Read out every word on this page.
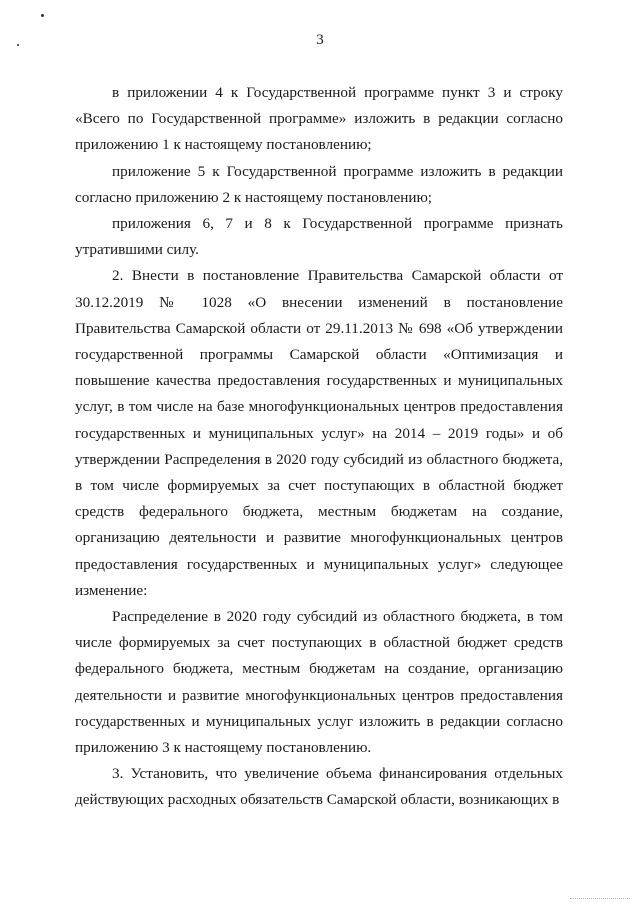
3

в приложении 4 к Государственной программе пункт 3 и строку «Всего по Государственной программе» изложить в редакции согласно приложению 1 к настоящему постановлению;

приложение 5 к Государственной программе изложить в редакции согласно приложению 2 к настоящему постановлению;

приложения 6, 7 и 8 к Государственной программе признать утратившими силу.

2. Внести в постановление Правительства Самарской области от 30.12.2019 № 1028 «О внесении изменений в постановление Правительства Самарской области от 29.11.2013 № 698 «Об утверждении государственной программы Самарской области «Оптимизация и повышение качества предоставления государственных и муниципальных услуг, в том числе на базе многофункциональных центров предоставления государственных и муниципальных услуг» на 2014 – 2019 годы» и об утверждении Распределения в 2020 году субсидий из областного бюджета, в том числе формируемых за счет поступающих в областной бюджет средств федерального бюджета, местным бюджетам на создание, организацию деятельности и развитие многофункциональных центров предоставления государственных и муниципальных услуг» следующее изменение:

Распределение в 2020 году субсидий из областного бюджета, в том числе формируемых за счет поступающих в областной бюджет средств федерального бюджета, местным бюджетам на создание, организацию деятельности и развитие многофункциональных центров предоставления государственных и муниципальных услуг изложить в редакции согласно приложению 3 к настоящему постановлению.

3. Установить, что увеличение объема финансирования отдельных действующих расходных обязательств Самарской области, возникающих в
